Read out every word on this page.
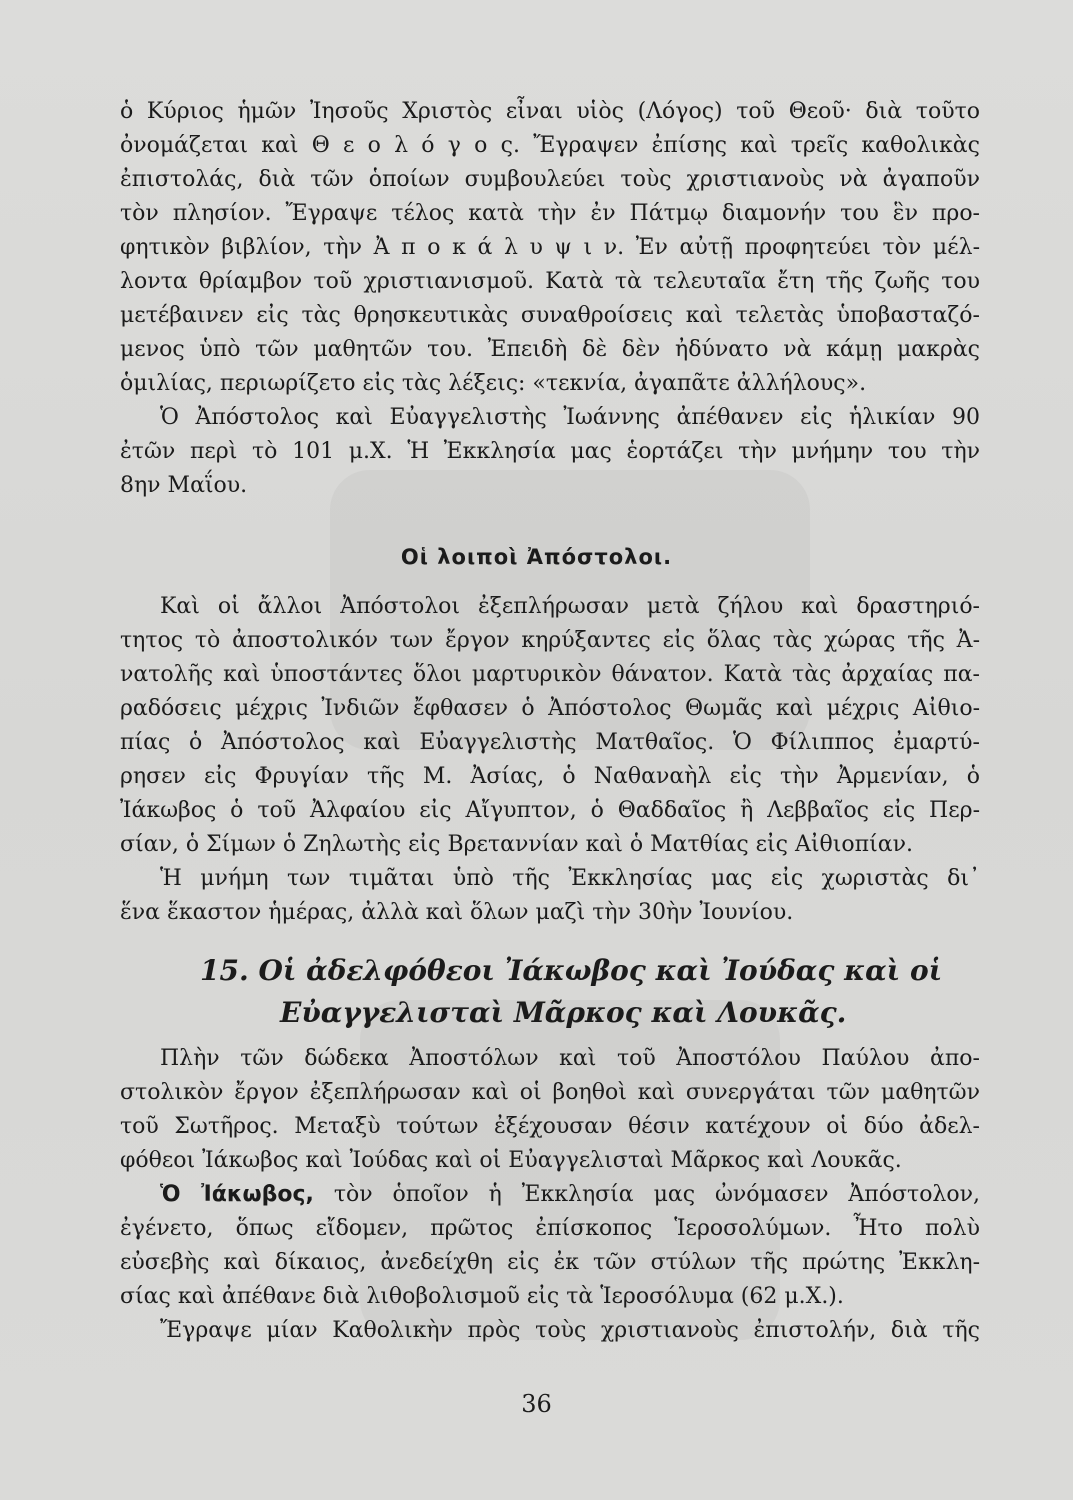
ὁ Κύριος ἡμῶν Ἰησοῦς Χριστὸς εἶναι υἱὸς (Λόγος) τοῦ Θεοῦ· διὰ τοῦτο
ὀνομάζεται καὶ Θ ε ο λ ό γ ο ς. Ἔγραψεν ἐπίσης καὶ τρεῖς καθολικὰς
ἐπιστολάς, διὰ τῶν ὁποίων συμβουλεύει τοὺς χριστιανοὺς νὰ ἀγαποῦν
τὸν πλησίον. Ἔγραψε τέλος κατὰ τὴν ἐν Πάτμῳ διαμονήν του ἓν προ-
φητικὸν βιβλίον, τὴν Ἀ π ο κ ά λ υ ψ ι ν. Ἐν αὐτῇ προφητεύει τὸν μέλ-
λοντα θρίαμβον τοῦ χριστιανισμοῦ. Κατὰ τὰ τελευταῖα ἔτη τῆς ζωῆς του
μετέβαινεν εἰς τὰς θρησκευτικὰς συναθροίσεις καὶ τελετὰς ὑποβασταζό-
μενος ὑπὸ τῶν μαθητῶν του. Ἐπειδὴ δὲ δὲν ἠδύνατο νὰ κάμῃ μακρὰς
ὁμιλίας, περιωρίζετο εἰς τὰς λέξεις: «τεκνία, ἀγαπᾶτε ἀλλήλους».
Ὁ Ἀπόστολος καὶ Εὐαγγελιστὴς Ἰωάννης ἀπέθανεν εἰς ἡλικίαν 90
ἐτῶν περὶ τὸ 101 μ.Χ. Ἡ Ἐκκλησία μας ἑορτάζει τὴν μνήμην του τὴν
8ην Μαΐου.
Οἱ λοιποὶ Ἀπόστολοι.
Καὶ οἱ ἄλλοι Ἀπόστολοι ἐξεπλήρωσαν μετὰ ζήλου καὶ δραστηριό-
τητος τὸ ἀποστολικόν των ἔργον κηρύξαντες εἰς ὅλας τὰς χώρας τῆς Ἀ-
νατολῆς καὶ ὑποστάντες ὅλοι μαρτυρικὸν θάνατον. Κατὰ τὰς ἀρχαίας πα-
ραδόσεις μέχρις Ἰνδιῶν ἔφθασεν ὁ Ἀπόστολος Θωμᾶς καὶ μέχρις Αἰθιο-
πίας ὁ Ἀπόστολος καὶ Εὐαγγελιστὴς Ματθαῖος. Ὁ Φίλιππος ἐμαρτύ-
ρησεν εἰς Φρυγίαν τῆς Μ. Ἀσίας, ὁ Ναθαναὴλ εἰς τὴν Ἀρμενίαν, ὁ
Ἰάκωβος ὁ τοῦ Ἀλφαίου εἰς Αἴγυπτον, ὁ Θαδδαῖος ἢ Λεββαῖος εἰς Περ-
σίαν, ὁ Σίμων ὁ Ζηλωτὴς εἰς Βρεταννίαν καὶ ὁ Ματθίας εἰς Αἰθιοπίαν.
Ἡ μνήμη των τιμᾶται ὑπὸ τῆς Ἐκκλησίας μας εἰς χωριστὰς δι᾽
ἕνα ἕκαστον ἡμέρας, ἀλλὰ καὶ ὅλων μαζὶ τὴν 30ὴν Ἰουνίου.
15. Οἱ ἀδελφόθεοι Ἰάκωβος καὶ Ἰούδας καὶ οἱ
Εὐαγγελισταὶ Μᾶρκος καὶ Λουκᾶς.
Πλὴν τῶν δώδεκα Ἀποστόλων καὶ τοῦ Ἀποστόλου Παύλου ἀπο-
στολικὸν ἔργον ἐξεπλήρωσαν καὶ οἱ βοηθοὶ καὶ συνεργάται τῶν μαθητῶν
τοῦ Σωτῆρος. Μεταξὺ τούτων ἐξέχουσαν θέσιν κατέχουν οἱ δύο ἀδελ-
φόθεοι Ἰάκωβος καὶ Ἰούδας καὶ οἱ Εὐαγγελισταὶ Μᾶρκος καὶ Λουκᾶς.
Ὁ Ἰάκωβος, τὸν ὁποῖον ἡ Ἐκκλησία μας ὠνόμασεν Ἀπόστολον,
ἐγένετο, ὅπως εἴδομεν, πρῶτος ἐπίσκοπος Ἱεροσολύμων. Ἦτο πολὺ
εὐσεβὴς καὶ δίκαιος, ἀνεδείχθη εἰς ἐκ τῶν στύλων τῆς πρώτης Ἐκκλη-
σίας καὶ ἀπέθανε διὰ λιθοβολισμοῦ εἰς τὰ Ἱεροσόλυμα (62 μ.Χ.).
Ἔγραψε μίαν Καθολικὴν πρὸς τοὺς χριστιανοὺς ἐπιστολήν, διὰ τῆς
36
